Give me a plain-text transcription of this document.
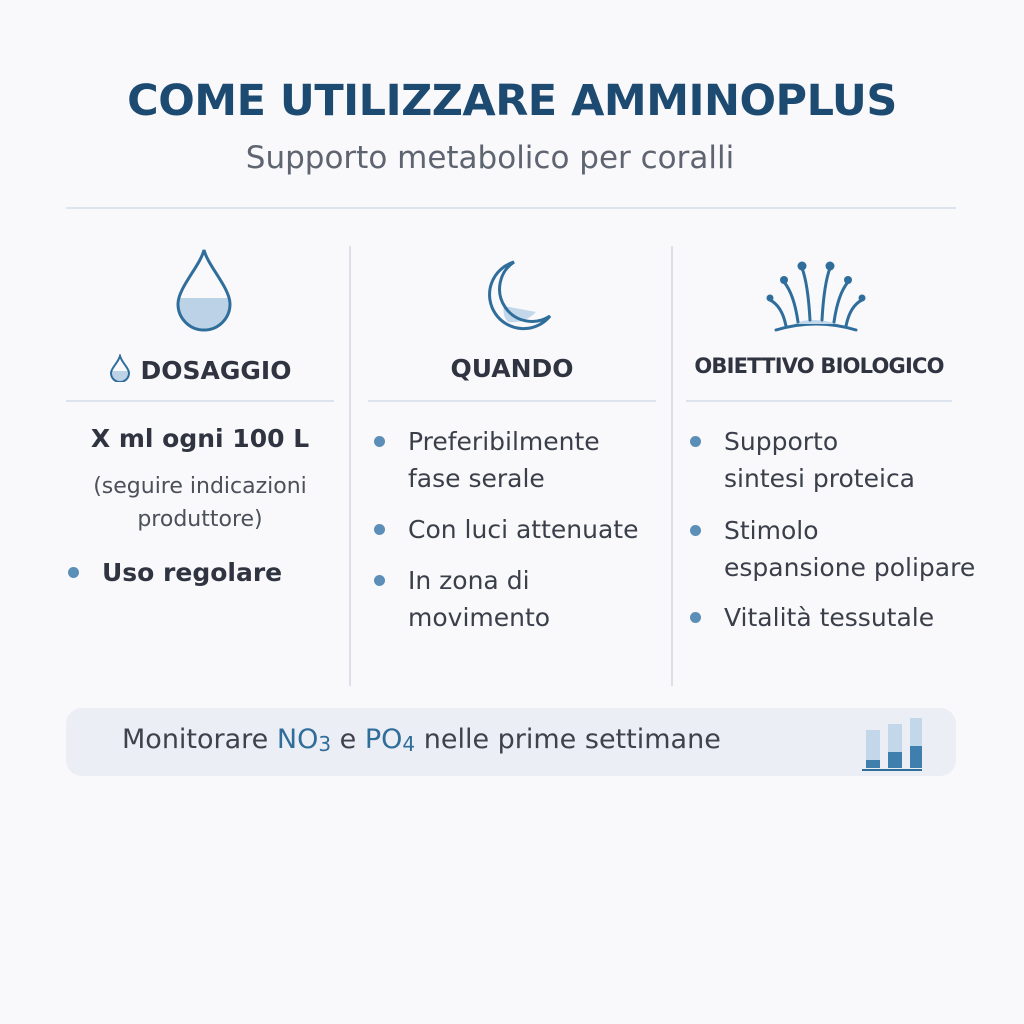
COME UTILIZZARE AMMINOPLUS

Supporto metabolico per coralli

DOSAGGIO
X ml ogni 100 L
(seguire indicazioni
produttore)
Uso regolare
QUANDO
Preferibilmente
fase serale
Con luci attenuate
In zona di
movimento
OBIETTIVO BIOLOGICO
Supporto
sintesi proteica
Stimolo
espansione polipare
Vitalità tessutale
Monitorare $NO_3$ e $PO_4$ nelle prime settimane
